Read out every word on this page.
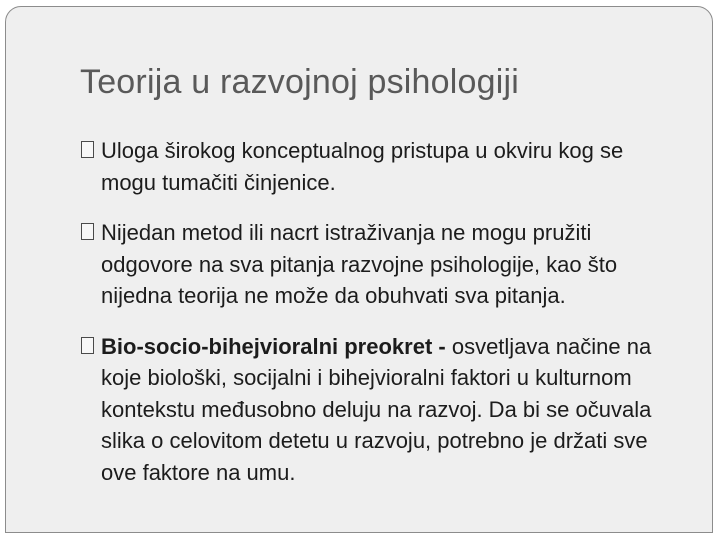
Teorija u razvojnoj psihologiji
Uloga širokog konceptualnog pristupa u okviru kog se mogu tumačiti činjenice.
Nijedan metod ili nacrt istraživanja ne mogu pružiti odgovore na sva pitanja razvojne psihologije, kao što nijedna teorija ne može da obuhvati sva pitanja.
Bio-socio-bihejvioralni preokret - osvetljava načine na koje biološki, socijalni i bihejvioralni faktori u kulturnom kontekstu međusobno deluju na razvoj. Da bi se očuvala slika o celovitom detetu u razvoju, potrebno je držati sve ove faktore na umu.
